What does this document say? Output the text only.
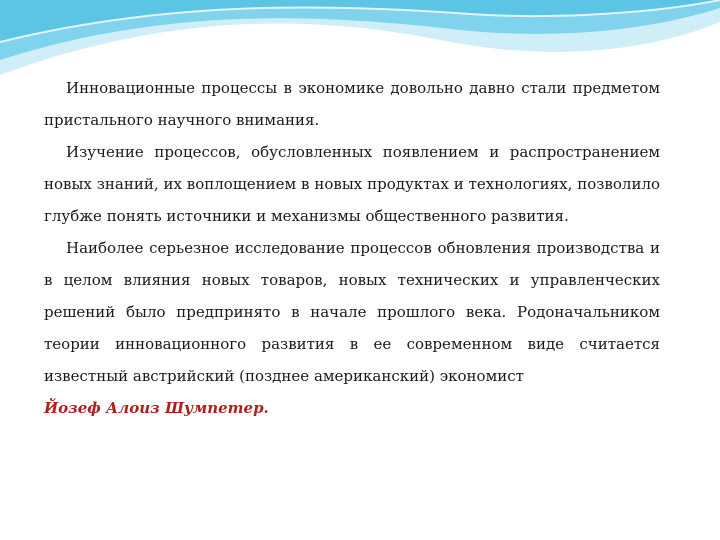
Инновационные процессы в экономике довольно давно стали предметом пристального научного внимания.

Изучение процессов, обусловленных появлением и распространением новых знаний, их воплощением в новых продуктах и технологиях, позволило глубже понять источники и механизмы общественного развития.

Наиболее серьезное исследование процессов обновления производства и в целом влияния новых товаров, новых технических и управленческих решений было предпринято в начале прошлого века. Родоначальником теории инновационного развития в ее современном виде считается известный австрийский (позднее американский) экономист

Йозеф Алоиз Шумпетер.
